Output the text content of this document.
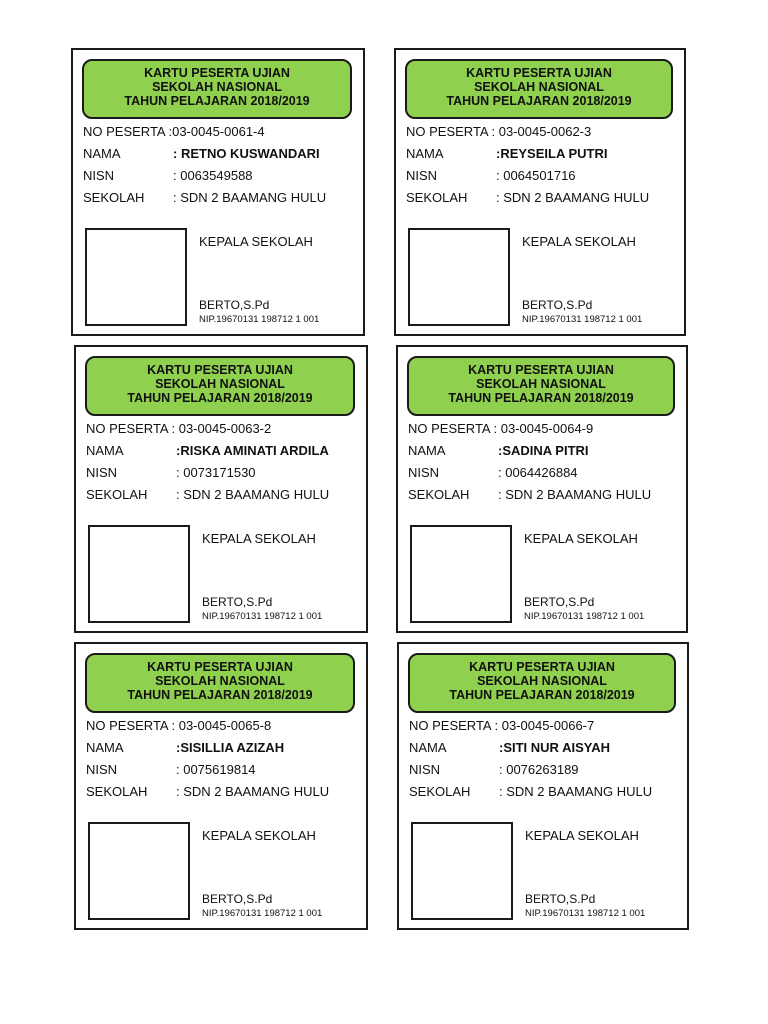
KARTU PESERTA UJIAN
SEKOLAH NASIONAL
TAHUN PELAJARAN 2018/2019
NO PESERTA :03-0045-0061-4
NAMA	: RETNO KUSWANDARI
NISN	: 0063549588
SEKOLAH : SDN 2 BAAMANG HULU
KEPALA SEKOLAH
BERTO,S.Pd
NIP.19670131 198712 1 001
KARTU PESERTA UJIAN
SEKOLAH NASIONAL
TAHUN PELAJARAN 2018/2019
NO PESERTA : 03-0045-0062-3
NAMA	:REYSEILA PUTRI
NISN	: 0064501716
SEKOLAH : SDN 2 BAAMANG HULU
KEPALA SEKOLAH
BERTO,S.Pd
NIP.19670131 198712 1 001
KARTU PESERTA UJIAN
SEKOLAH NASIONAL
TAHUN PELAJARAN 2018/2019
NO PESERTA : 03-0045-0063-2
NAMA	:RISKA AMINATI ARDILA
NISN	: 0073171530
SEKOLAH : SDN 2 BAAMANG HULU
KEPALA SEKOLAH
BERTO,S.Pd
NIP.19670131 198712 1 001
KARTU PESERTA UJIAN
SEKOLAH NASIONAL
TAHUN PELAJARAN 2018/2019
NO PESERTA : 03-0045-0064-9
NAMA	:SADINA PITRI
NISN	: 0064426884
SEKOLAH : SDN 2 BAAMANG HULU
KEPALA SEKOLAH
BERTO,S.Pd
NIP.19670131 198712 1 001
KARTU PESERTA UJIAN
SEKOLAH NASIONAL
TAHUN PELAJARAN 2018/2019
NO PESERTA : 03-0045-0065-8
NAMA	:SISILLIA AZIZAH
NISN	: 0075619814
SEKOLAH : SDN 2 BAAMANG HULU
KEPALA SEKOLAH
BERTO,S.Pd
NIP.19670131 198712 1 001
KARTU PESERTA UJIAN
SEKOLAH NASIONAL
TAHUN PELAJARAN 2018/2019
NO PESERTA : 03-0045-0066-7
NAMA	:SITI NUR AISYAH
NISN	: 0076263189
SEKOLAH : SDN 2 BAAMANG HULU
KEPALA SEKOLAH
BERTO,S.Pd
NIP.19670131 198712 1 001
